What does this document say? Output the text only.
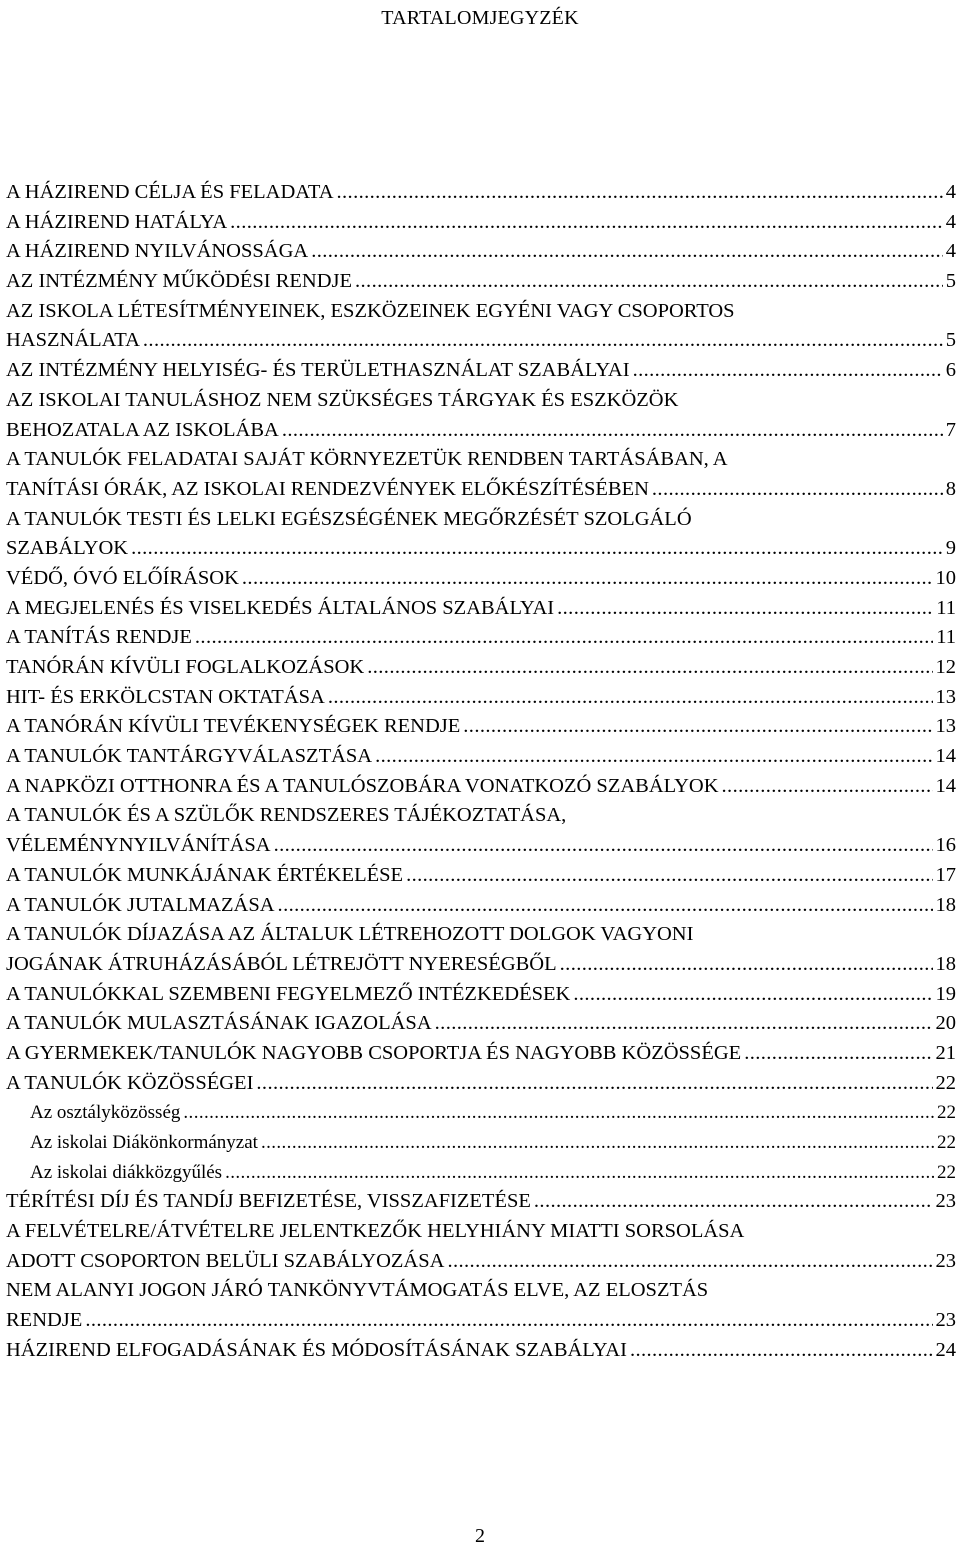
TARTALOMJEGYZÉK
A HÁZIREND CÉLJA ÉS FELADATA .....	4
A HÁZIREND HATÁLYA .....	4
A HÁZIREND NYILVÁNOSSÁGA .....	4
AZ INTÉZMÉNY MŰKÖDÉSI RENDJE .....	5
AZ ISKOLA LÉTESÍTMÉNYEINEK, ESZKÖZEINEK EGYÉNI VAGY CSOPORTOS
HASZNÁLATA .....	5
AZ INTÉZMÉNY HELYISÉG- ÉS TERÜLETHASZNÁLAT SZABÁLYAI .....	6
AZ ISKOLAI TANULÁSHOZ NEM SZÜKSÉGES TÁRGYAK ÉS ESZKÖZÖK
BEHOZATALA AZ ISKOLÁBA .....	7
A TANULÓK FELADATAI SAJÁT KÖRNYEZETÜK RENDBEN TARTÁSÁBAN, A
TANÍTÁSI ÓRÁK, AZ ISKOLAI RENDEZVÉNYEK ELŐKÉSZÍTÉSÉBEN .....	8
A TANULÓK TESTI ÉS LELKI EGÉSZSÉGÉNEK MEGŐRZÉSÉT SZOLGÁLÓ
SZABÁLYOK .....	9
VÉDŐ, ÓVÓ ELŐÍRÁSOK .....	10
A MEGJELENÉS ÉS VISELKEDÉS ÁLTALÁNOS SZABÁLYAI .....	11
A TANÍTÁS RENDJE .....	11
TANÓRÁN KÍVÜLI FOGLALKOZÁSOK .....	12
HIT- ÉS ERKÖLCSTAN OKTATÁSA .....	13
A TANÓRÁN KÍVÜLI TEVÉKENYSÉGEK RENDJE .....	13
A TANULÓK TANTÁRGYVÁLASZTÁSA .....	14
A NAPKÖZI OTTHONRA ÉS A TANULÓSZOBÁRA VONATKOZÓ SZABÁLYOK .....	14
A TANULÓK ÉS A SZÜLŐK RENDSZERES TÁJÉKOZTATÁSA,
VÉLEMÉNYNYILVÁNÍTÁSA .....	16
A TANULÓK MUNKÁJÁNAK ÉRTÉKELÉSE .....	17
A TANULÓK JUTALMAZÁSA .....	18
A TANULÓK DÍJAZÁSA AZ ÁLTALUK LÉTREHOZOTT DOLGOK VAGYONI
JOGÁNAK ÁTRUHÁZÁSÁBÓL LÉTREJÖTT NYERESÉGBŐL .....	18
A TANULÓKKAL SZEMBENI FEGYELMEZŐ INTÉZKEDÉSEK .....	19
A TANULÓK MULASZTÁSÁNAK IGAZOLÁSA .....	20
A GYERMEKEK/TANULÓK NAGYOBB CSOPORTJA ÉS NAGYOBB KÖZÖSSÉGE .....	21
A TANULÓK KÖZÖSSÉGEI .....	22
Az osztályközösség .....	22
Az iskolai Diákönkormányzat .....	22
Az iskolai diákközgyűlés .....	22
TÉRÍTÉSI DÍJ ÉS TANDÍJ BEFIZETÉSE, VISSZAFIZETÉSE .....	23
A FELVÉTELRE/ÁTVÉTELRE JELENTKEZŐK HELYHIÁNY MIATTI SORSOLÁSA
ADOTT CSOPORTON BELÜLI SZABÁLYOZÁSA .....	23
NEM ALANYI JOGON JÁRÓ TANKÖNYVTÁMOGATÁS ELVE, AZ ELOSZTÁS
RENDJE .....	23
HÁZIREND ELFOGADÁSÁNAK ÉS MÓDOSÍTÁSÁNAK SZABÁLYAI .....	24
2
